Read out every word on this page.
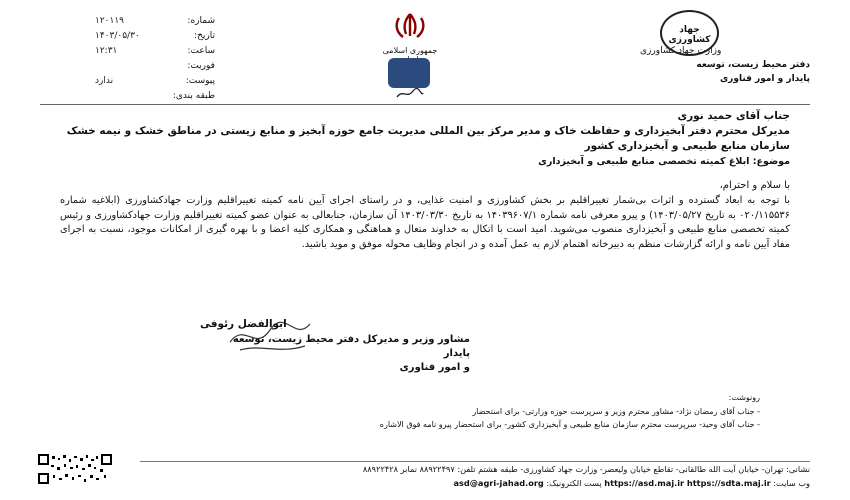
شماره:
۱۲۰۱۱۹
تاریخ:
۱۴۰۳/۰۵/۳۰
ساعت:
۱۲:۳۱
فوریت:
پیوست:
ندارد
طبقه بندی:
جمهوری اسلامی
جهاد کشاورزی
وزارت جهاد کشاورزی
دفتر محیط زیست، توسعه پایدار و امور فناوری
جناب آقای حمید نوری
مدیرکل محترم دفتر آبخیزداری و حفاظت خاک و مدیر مرکز بین المللی مدیریت جامع حوزه آبخیز و منابع زیستی در مناطق خشک و نیمه خشک سازمان منابع طبیعی و آبخیزداری کشور
موضوع: ابلاغ کمیته تخصصی منابع طبیعی و آبخیزداری
با سلام و احترام،
با توجه به ابعاد گسترده و اثرات بی‌شمار تغییراقلیم بر بخش کشاورزی و امنیت غذایی، و در راستای اجرای آیین نامه کمیته تغییراقلیم وزارت جهادکشاورزی (ابلاغیه شماره ۰۲۰/۱۱۵۵۳۶ به تاریخ ۱۴۰۳/۰۵/۲۷) و پیرو معرفی نامه شماره ۱۴۰۳۹۶۰۷/۱ به تاریخ ۱۴۰۳/۰۳/۳۰ آن سازمان، جنابعالی به عنوان عضو کمیته تغییراقلیم وزارت جهادکشاورزی و رئیس کمیته تخصصی منابع طبیعی و آبخیزداری منصوب می‌شوید. امید است با اتکال به خداوند متعال و هماهنگی و همکاری کلیه اعضا و با بهره گیری از امکانات موجود، نسبت به اجرای مفاد آیین نامه و ارائه گزارشات منظم به دبیرخانه اهتمام لازم به عمل آمده و در انجام وظایف محوله موفق و موید باشید.
ابوالفضل رئوفی
مشاور وزیر و مدیرکل دفتر محیط زیست، توسعه پایدار
و امور فناوری
رونوشت:
- جناب آقای رمضان نژاد- مشاور محترم وزیر و سرپرست حوزه وزارتی- برای استحضار
- جناب آقای وحید- سرپرست محترم سازمان منابع طبیعی و آبخیزداری کشور- برای استحضار پیرو نامه فوق الاشاره
نشانی: تهران- خیابان آیت الله طالقانی- تقاطع خیابان ولیعصر- وزارت جهاد کشاورزی- طبقه هشتم تلفن: ۸۸۹۲۲۴۹۷ نمابر ۸۸۹۲۲۴۲۸
وب سایت: https://asd.maj.ir https://sdta.maj.ir پست الکترونیک: asd@agri-jahad.org
